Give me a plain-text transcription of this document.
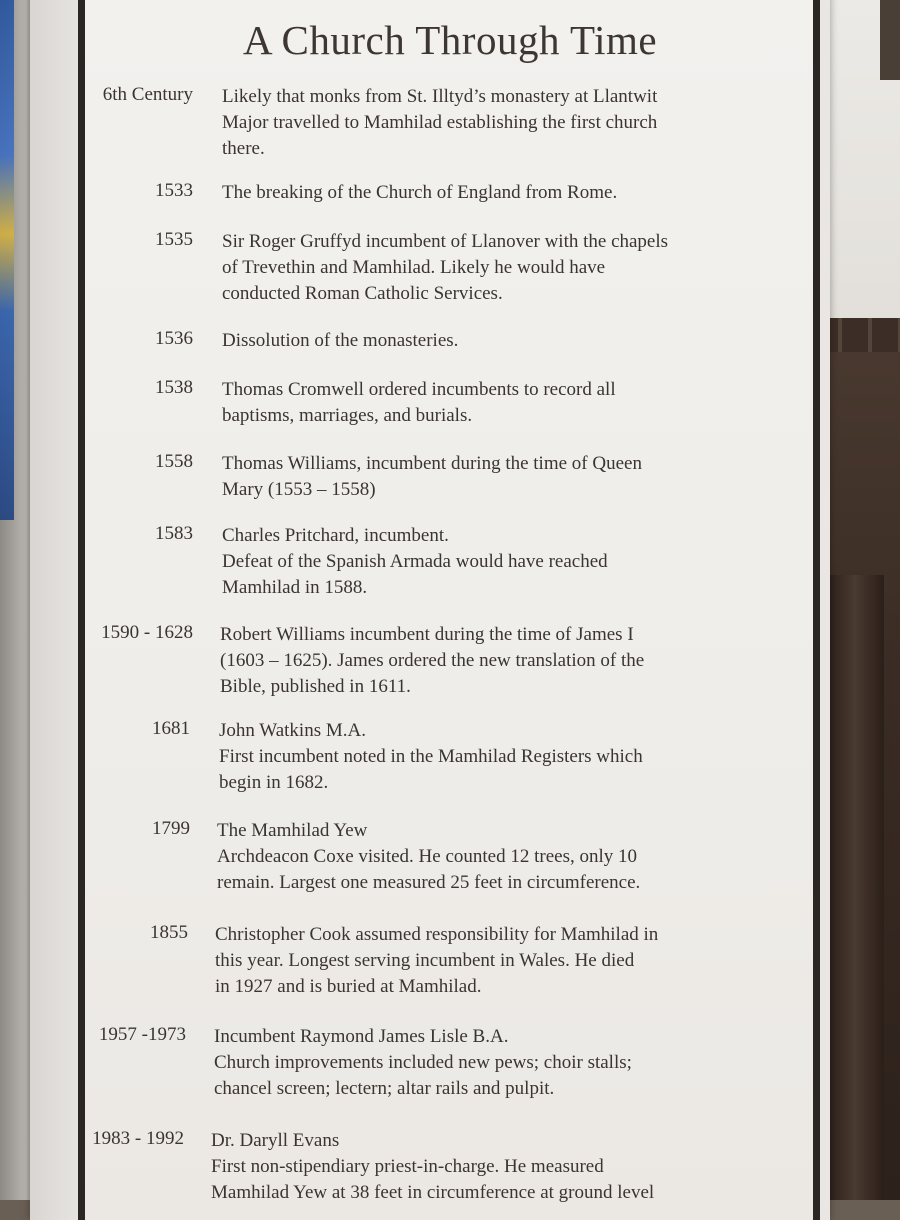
A Church Through Time
6th Century Likely that monks from St. Illtyd’s monastery at Llantwit
Major travelled to Mamhilad establishing the first church
there.
1533 The breaking of the Church of England from Rome.
1535 Sir Roger Gruffyd incumbent of Llanover with the chapels
of Trevethin and Mamhilad. Likely he would have
conducted Roman Catholic Services.
1536 Dissolution of the monasteries.
1538 Thomas Cromwell ordered incumbents to record all
baptisms, marriages, and burials.
1558 Thomas Williams, incumbent during the time of Queen
Mary (1553 – 1558)
1583 Charles Pritchard, incumbent.
Defeat of the Spanish Armada would have reached
Mamhilad in 1588.
1590 - 1628 Robert Williams incumbent during the time of James I
(1603 – 1625). James ordered the new translation of the
Bible, published in 1611.
1681 John Watkins M.A.
First incumbent noted in the Mamhilad Registers which
begin in 1682.
1799 The Mamhilad Yew
Archdeacon Coxe visited. He counted 12 trees, only 10
remain. Largest one measured 25 feet in circumference.
1855 Christopher Cook assumed responsibility for Mamhilad in
this year. Longest serving incumbent in Wales. He died
in 1927 and is buried at Mamhilad.
1957 -1973 Incumbent Raymond James Lisle B.A.
Church improvements included new pews; choir stalls;
chancel screen; lectern; altar rails and pulpit.
1983 - 1992 Dr. Daryll Evans
First non-stipendiary priest-in-charge. He measured
Mamhilad Yew at 38 feet in circumference at ground level
